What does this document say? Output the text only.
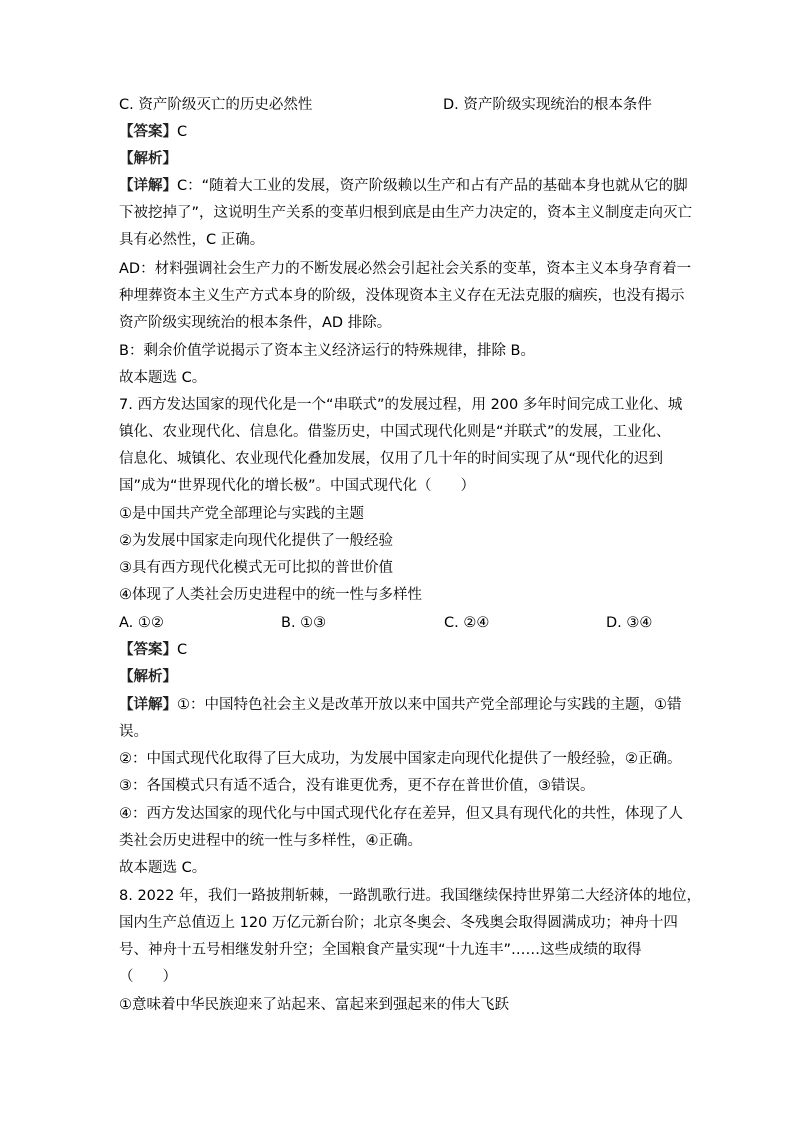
C. 资产阶级灭亡的历史必然性	D. 资产阶级实现统治的根本条件
【答案】C
【解析】
【详解】C：“随着大工业的发展，资产阶级赖以生产和占有产品的基础本身也就从它的脚
下被挖掉了”，这说明生产关系的变革归根到底是由生产力决定的，资本主义制度走向灭亡
具有必然性，C 正确。
AD：材料强调社会生产力的不断发展必然会引起社会关系的变革，资本主义本身孕育着一
种埋葬资本主义生产方式本身的阶级，没体现资本主义存在无法克服的痼疾，也没有揭示
资产阶级实现统治的根本条件，AD 排除。
B：剩余价值学说揭示了资本主义经济运行的特殊规律，排除 B。
故本题选 C。
7. 西方发达国家的现代化是一个“串联式”的发展过程，用 200 多年时间完成工业化、城
镇化、农业现代化、信息化。借鉴历史，中国式现代化则是“并联式”的发展，工业化、
信息化、城镇化、农业现代化叠加发展，仅用了几十年的时间实现了从“现代化的迟到
国”成为“世界现代化的增长极”。中国式现代化（　　）
①是中国共产党全部理论与实践的主题
②为发展中国家走向现代化提供了一般经验
③具有西方现代化模式无可比拟的普世价值
④体现了人类社会历史进程中的统一性与多样性
A. ①②	B. ①③	C. ②④	D. ③④
【答案】C
【解析】
【详解】①：中国特色社会主义是改革开放以来中国共产党全部理论与实践的主题，①错
误。
②：中国式现代化取得了巨大成功，为发展中国家走向现代化提供了一般经验，②正确。
③：各国模式只有适不适合，没有谁更优秀，更不存在普世价值，③错误。
④：西方发达国家的现代化与中国式现代化存在差异，但又具有现代化的共性，体现了人
类社会历史进程中的统一性与多样性，④正确。
故本题选 C。
8. 2022 年，我们一路披荆斩棘，一路凯歌行进。我国继续保持世界第二大经济体的地位，
国内生产总值迈上 120 万亿元新台阶；北京冬奥会、冬残奥会取得圆满成功；神舟十四
号、神舟十五号相继发射升空；全国粮食产量实现“十九连丰”……这些成绩的取得
（　　）
①意味着中华民族迎来了站起来、富起来到强起来的伟大飞跃
